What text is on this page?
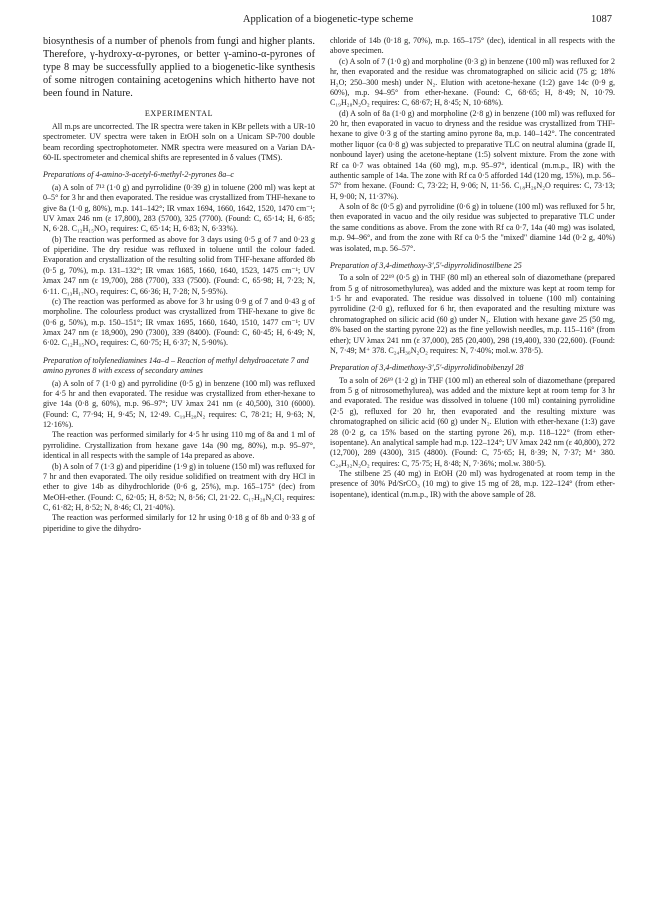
Application of a biogenetic-type scheme	1087

biosynthesis of a number of phenols from fungi and higher plants. Therefore, γ-hydroxy-α-pyrones, or better γ-amino-α-pyrones of type 8 may be successfully applied to a biogenetic-like synthesis of some nitrogen containing acetogenins which hitherto have not been found in Nature.

EXPERIMENTAL

All m.ps are uncorrected. The IR spectra were taken in KBr pellets with a UR-10 spectrometer. UV spectra were taken in EtOH soln on a Unicam SP-700 double beam recording spectrophotometer. NMR spectra were measured on a Varian DA-60-IL spectrometer and chemical shifts are represented in δ values (TMS).

Preparations of 4-amino-3-acetyl-6-methyl-2-pyrones 8a–c

(a) A soln of 7¹² (1·0 g) and pyrrolidine (0·39 g) in toluene (200 ml) was kept at 0–5° for 3 hr and then evaporated. The residue was crystallized from THF-hexane to give 8a (1·0 g, 80%), m.p. 141–142°; IR νmax 1694, 1660, 1642, 1520, 1470 cm⁻¹; UV λmax 246 nm (ε 17,800), 283 (5700), 325 (7700). (Found: C, 65·14; H, 6·85; N, 6·28. C₁₂H₁₅NO₃ requires: C, 65·14; H, 6·83; N, 6·33%).

(b) The reaction was performed as above for 3 days using 0·5 g of 7 and 0·23 g of piperidine. The dry residue was refluxed in toluene until the colour faded. Evaporation and crystallization of the resulting solid from THF-hexane afforded 8b (0·5 g, 70%), m.p. 131–132°; IR νmax 1685, 1660, 1640, 1523, 1475 cm⁻¹; UV λmax 247 nm (ε 19,700), 288 (7700), 333 (7500). (Found: C, 65·98; H, 7·23; N, 6·11. C₁₃H₁₇NO₃ requires: C, 66·36; H, 7·28; N, 5·95%).

(c) The reaction was performed as above for 3 hr using 0·9 g of 7 and 0·43 g of morpholine. The colourless product was crystallized from THF-hexane to give 8c (0·6 g, 50%), m.p. 150–151°; IR νmax 1695, 1660, 1640, 1510, 1477 cm⁻¹; UV λmax 247 nm (ε 18,900), 290 (7300), 339 (8400). (Found: C, 60·45; H, 6·49; N, 6·02. C₁₂H₁₅NO₄ requires: C, 60·75; H, 6·37; N, 5·90%).

Preparation of tolylenediamines 14a–d – Reaction of methyl dehydroacetate 7 and amino pyrones 8 with excess of secondary amines

(a) A soln of 7 (1·0 g) and pyrrolidine (0·5 g) in benzene (100 ml) was refluxed for 4·5 hr and then evaporated. The residue was crystallized from ether-hexane to give 14a (0·8 g, 60%), m.p. 96–97°; UV λmax 241 nm (ε 40,500), 310 (6000). (Found: C, 77·94; H, 9·45; N, 12·49. C₁₉H₂₈N₂ requires: C, 78·21; H, 9·63; N, 12·16%).

The reaction was performed similarly for 4·5 hr using 110 mg of 8a and 1 ml of pyrrolidine. Crystallization from hexane gave 14a (90 mg, 80%), m.p. 95–97°, identical in all respects with the sample of 14a prepared as above.

(b) A soln of 7 (1·3 g) and piperidine (1·9 g) in toluene (150 ml) was refluxed for 7 hr and then evaporated. The oily residue solidified on treatment with dry HCl in ether to give 14b as dihydrochloride (0·6 g, 25%), m.p. 165–175° (dec) from MeOH-ether. (Found: C, 62·05; H, 8·52; N, 8·56; Cl, 21·22. C₁₇H₂₈N₂Cl₂ requires: C, 61·82; H, 8·52; N, 8·46; Cl, 21·40%).

The reaction was performed similarly for 12 hr using 0·18 g of 8b and 0·33 g of piperidine to give the dihydro-

chloride of 14b (0·18 g, 70%), m.p. 165–175° (dec), identical in all respects with the above specimen.

(c) A soln of 7 (1·0 g) and morpholine (0·3 g) in benzene (100 ml) was refluxed for 2 hr, then evaporated and the residue was chromatographed on silicic acid (75 g; 18% H₂O; 250–300 mesh) under N₂. Elution with acetone-hexane (1:2) gave 14c (0·9 g, 60%), m.p. 94–95° from ether-hexane. (Found: C, 68·65; H, 8·49; N, 10·79. C₁₉H₂₈N₂O₂ requires: C, 68·67; H, 8·45; N, 10·68%).

(d) A soln of 8a (1·0 g) and morpholine (2·8 g) in benzene (100 ml) was refluxed for 20 hr, then evaporated in vacuo to dryness and the residue was crystallized from THF-hexane to give 0·3 g of the starting amino pyrone 8a, m.p. 140–142°. The concentrated mother liquor (ca 0·8 g) was subjected to preparative TLC on neutral alumina (grade II, nonbound layer) using the acetone-heptane (1:5) solvent mixture. From the zone with Rf ca 0·7 was obtained 14a (60 mg), m.p. 95–97°, identical (m.m.p., IR) with the authentic sample of 14a. The zone with Rf ca 0·5 afforded 14d (120 mg, 15%), m.p. 56–57° from hexane. (Found: C, 73·22; H, 9·06; N, 11·56. C₁₈H₂₆N₂O requires: C, 73·13; H, 9·00; N, 11·37%).

A soln of 8c (0·5 g) and pyrrolidine (0·6 g) in toluene (100 ml) was refluxed for 5 hr, then evaporated in vacuo and the oily residue was subjected to preparative TLC under the same conditions as above. From the zone with Rf ca 0·7, 14a (40 mg) was isolated, m.p. 94–96°, and from the zone with Rf ca 0·5 the "mixed" diamine 14d (0·2 g, 40%) was isolated, m.p. 56–57°.

Preparation of 3,4-dimethoxy-3′,5′-dipyrrolidinostilbene 25

To a soln of 22¹⁹ (0·5 g) in THF (80 ml) an ethereal soln of diazomethane (prepared from 5 g of nitrosomethylurea), was added and the mixture was kept at room temp for 1·5 hr and evaporated. The residue was dissolved in toluene (100 ml) containing pyrrolidine (2·0 g), refluxed for 6 hr, then evaporated and the resulting mixture was chromatographed on silicic acid (60 g) under N₂. Elution with hexane gave 25 (50 mg, 8% based on the starting pyrone 22) as the fine yellowish needles, m.p. 115–116° (from ether); UV λmax 241 nm (ε 37,000), 285 (20,400), 298 (19,400), 330 (22,600). (Found: N, 7·49; M⁺ 378. C₂₄H₃₀N₂O₂ requires: N, 7·40%; mol.w. 378·5).

Preparation of 3,4-dimethoxy-3′,5′-dipyrrolidinobibenzyl 28

To a soln of 26¹⁹ (1·2 g) in THF (100 ml) an ethereal soln of diazomethane (prepared from 5 g of nitrosomethylurea), was added and the mixture kept at room temp for 3 hr and evaporated. The residue was dissolved in toluene (100 ml) containing pyrrolidine (2·5 g), refluxed for 20 hr, then evaporated and the resulting mixture was chromatographed on silicic acid (60 g) under N₂. Elution with ether-hexane (1:3) gave 28 (0·2 g, ca 15% based on the starting pyrone 26), m.p. 118–122° (from ether-isopentane). An analytical sample had m.p. 122–124°; UV λmax 242 nm (ε 40,800), 272 (12,700), 289 (4300), 315 (4800). (Found: C, 75·65; H, 8·39; N, 7·37; M⁺ 380. C₂₄H₃₂N₂O₂ requires: C, 75·75; H, 8·48; N, 7·36%; mol.w. 380·5).

The stilbene 25 (40 mg) in EtOH (20 ml) was hydrogenated at room temp in the presence of 30% Pd/SrCO₃ (10 mg) to give 15 mg of 28, m.p. 122–124° (from ether-isopentane), identical (m.m.p., IR) with the above sample of 28.
